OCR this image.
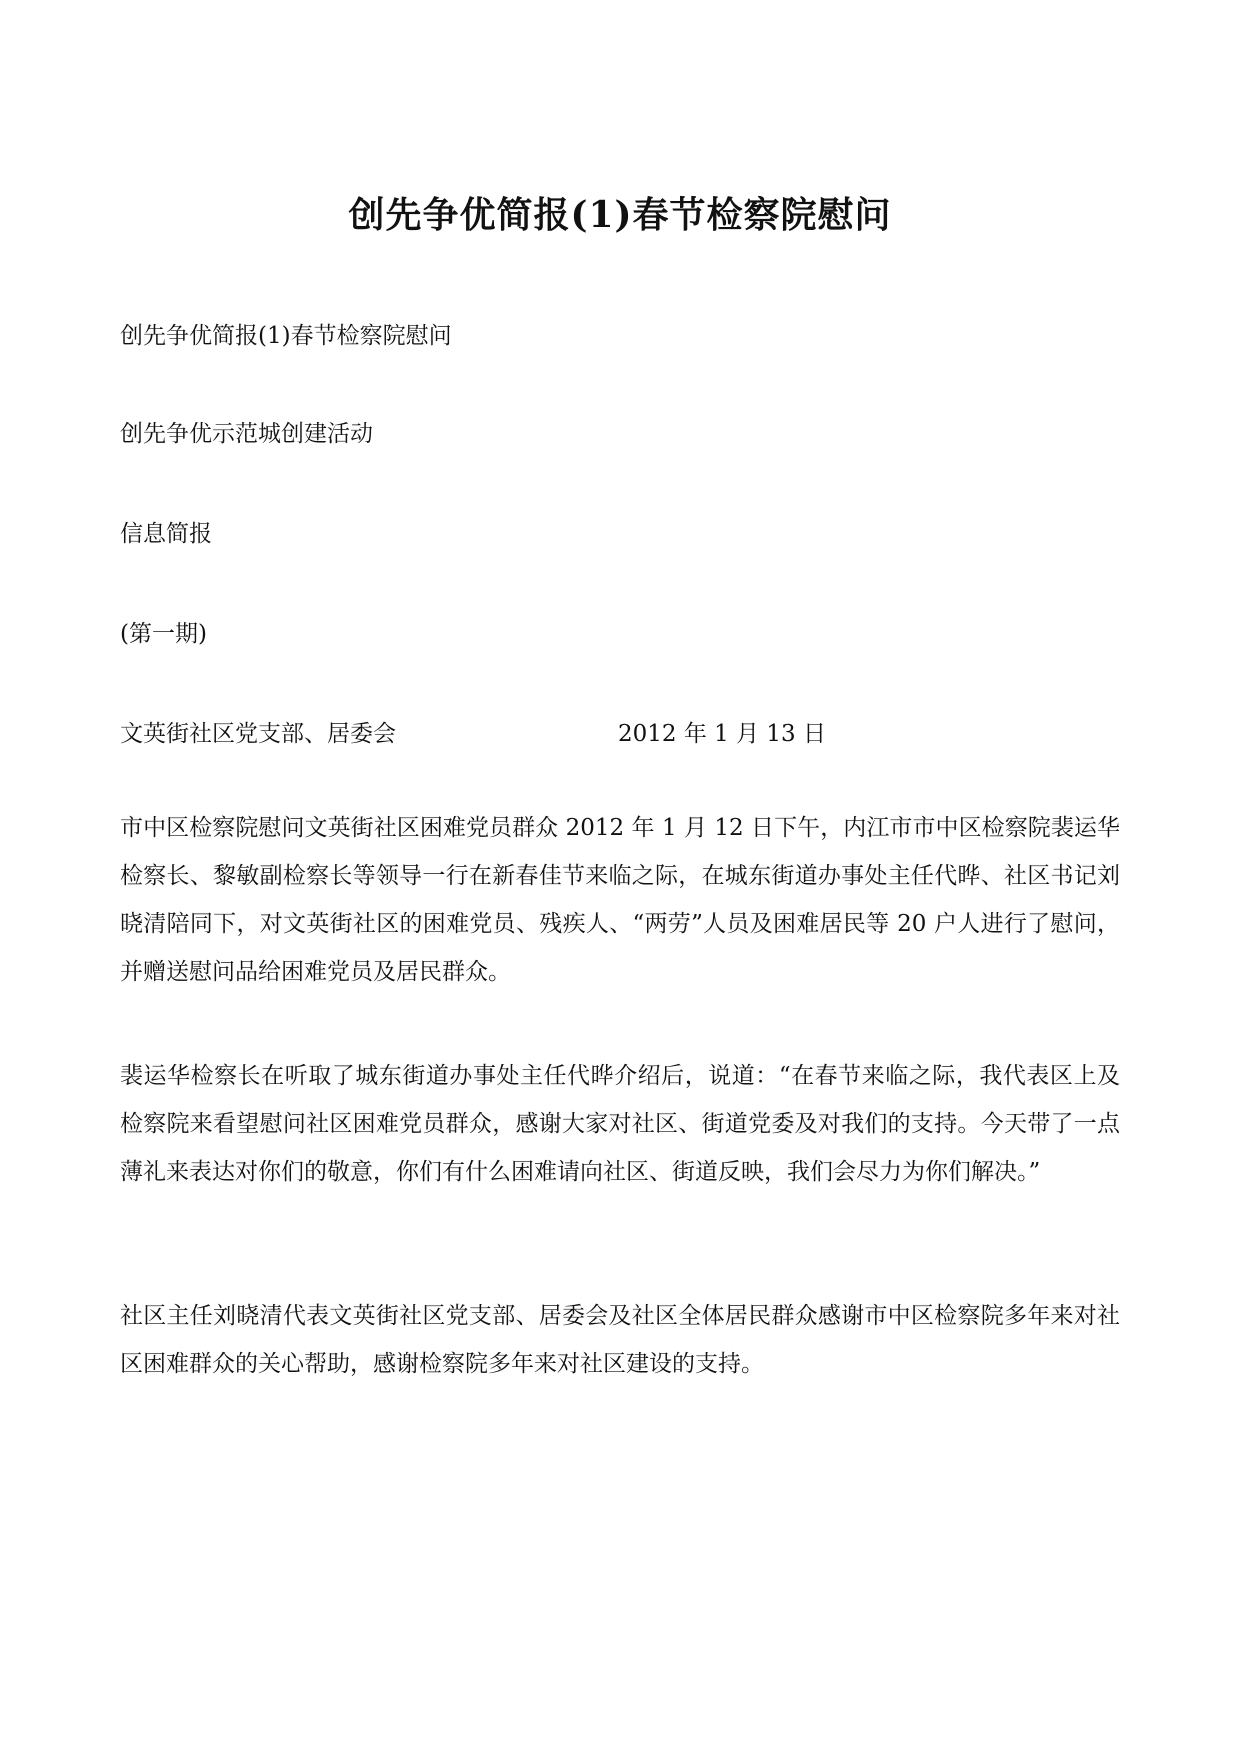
创先争优简报(1)春节检察院慰问
创先争优简报(1)春节检察院慰问
创先争优示范城创建活动
信息简报
(第一期)
文英街社区党支部、居委会	2012 年 1 月 13 日
市中区检察院慰问文英街社区困难党员群众 2012 年 1 月 12 日下午，内江市市中区检察院裴运华检察长、黎敏副检察长等领导一行在新春佳节来临之际，在城东街道办事处主任代晔、社区书记刘晓清陪同下，对文英街社区的困难党员、残疾人、“两劳”人员及困难居民等 20 户人进行了慰问，并赠送慰问品给困难党员及居民群众。
裴运华检察长在听取了城东街道办事处主任代晔介绍后，说道：“在春节来临之际，我代表区上及检察院来看望慰问社区困难党员群众，感谢大家对社区、街道党委及对我们的支持。今天带了一点薄礼来表达对你们的敬意，你们有什么困难请向社区、街道反映，我们会尽力为你们解决。”
社区主任刘晓清代表文英街社区党支部、居委会及社区全体居民群众感谢市中区检察院多年来对社区困难群众的关心帮助，感谢检察院多年来对社区建设的支持。
